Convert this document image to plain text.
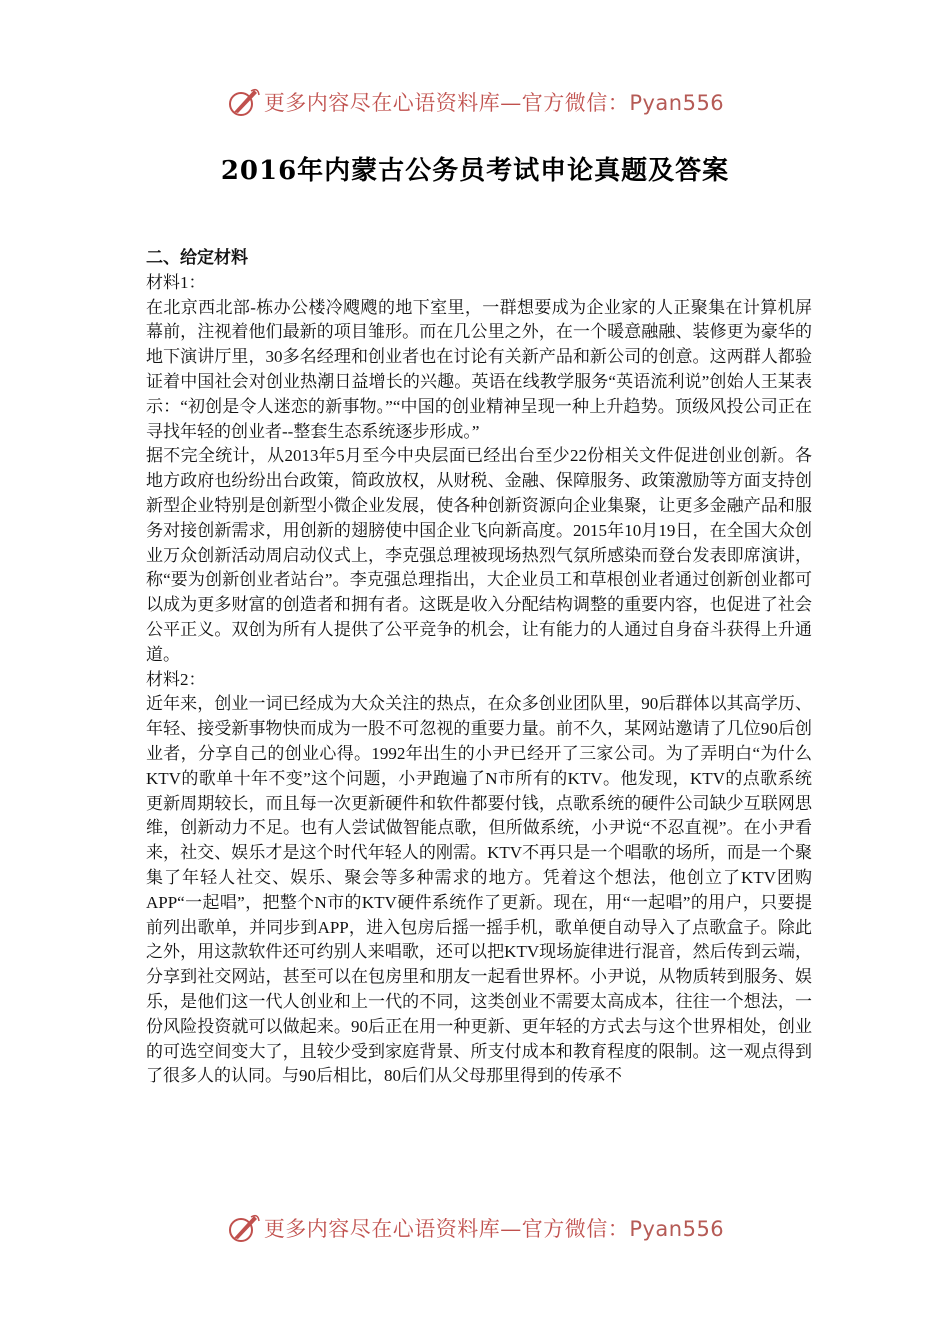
更多内容尽在心语资料库—官方微信：Pyan556
2016年内蒙古公务员考试申论真题及答案

二、给定材料

材料1：

在北京西北部-栋办公楼冷飕飕的地下室里，一群想要成为企业家的人正聚集在计算机屏幕前，注视着他们最新的项目雏形。而在几公里之外，在一个暖意融融、装修更为豪华的地下演讲厅里，30多名经理和创业者也在讨论有关新产品和新公司的创意。这两群人都验证着中国社会对创业热潮日益增长的兴趣。英语在线教学服务“英语流利说”创始人王某表示：“初创是令人迷恋的新事物。”“中国的创业精神呈现一种上升趋势。顶级风投公司正在寻找年轻的创业者--整套生态系统逐步形成。”

据不完全统计，从2013年5月至今中央层面已经出台至少22份相关文件促进创业创新。各地方政府也纷纷出台政策，简政放权，从财税、金融、保障服务、政策激励等方面支持创新型企业特别是创新型小微企业发展，使各种创新资源向企业集聚，让更多金融产品和服务对接创新需求，用创新的翅膀使中国企业飞向新高度。2015年10月19日，在全国大众创业万众创新活动周启动仪式上，李克强总理被现场热烈气氛所感染而登台发表即席演讲，称“要为创新创业者站台”。李克强总理指出，大企业员工和草根创业者通过创新创业都可以成为更多财富的创造者和拥有者。这既是收入分配结构调整的重要内容，也促进了社会公平正义。双创为所有人提供了公平竞争的机会，让有能力的人通过自身奋斗获得上升通道。

材料2：

近年来，创业一词已经成为大众关注的热点，在众多创业团队里，90后群体以其高学历、年轻、接受新事物快而成为一股不可忽视的重要力量。前不久，某网站邀请了几位90后创业者，分享自己的创业心得。1992年出生的小尹已经开了三家公司。为了弄明白“为什么KTV的歌单十年不变”这个问题，小尹跑遍了N市所有的KTV。他发现，KTV的点歌系统更新周期较长，而且每一次更新硬件和软件都要付钱，点歌系统的硬件公司缺少互联网思维，创新动力不足。也有人尝试做智能点歌，但所做系统，小尹说“不忍直视”。在小尹看来，社交、娱乐才是这个时代年轻人的刚需。KTV不再只是一个唱歌的场所，而是一个聚集了年轻人社交、娱乐、聚会等多种需求的地方。凭着这个想法，他创立了KTV团购APP“一起唱”，把整个N市的KTV硬件系统作了更新。现在，用“一起唱”的用户，只要提前列出歌单，并同步到APP，进入包房后摇一摇手机，歌单便自动导入了点歌盒子。除此之外，用这款软件还可约别人来唱歌，还可以把KTV现场旋律进行混音，然后传到云端，分享到社交网站，甚至可以在包房里和朋友一起看世界杯。小尹说，从物质转到服务、娱乐，是他们这一代人创业和上一代的不同，这类创业不需要太高成本，往往一个想法，一份风险投资就可以做起来。90后正在用一种更新、更年轻的方式去与这个世界相处，创业的可选空间变大了，且较少受到家庭背景、所支付成本和教育程度的限制。这一观点得到了很多人的认同。与90后相比，80后们从父母那里得到的传承不

更多内容尽在心语资料库—官方微信：Pyan556
